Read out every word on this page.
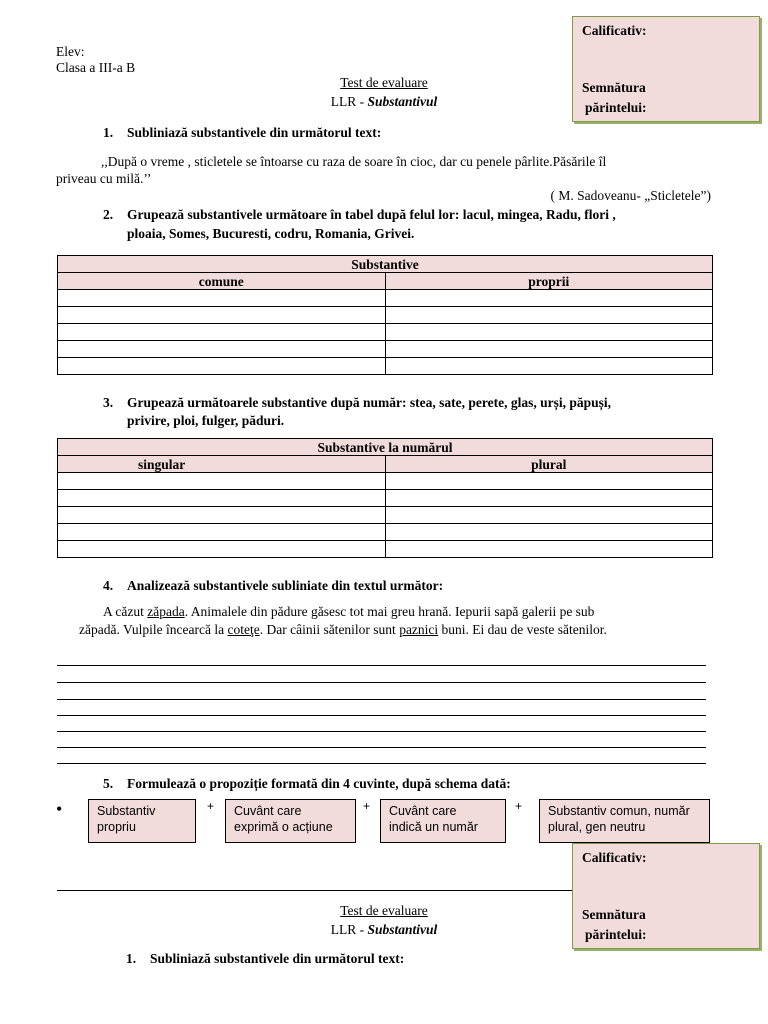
Calificativ:
Semnătura
părintelui:
Elev:
Clasa a III-a B
Test de evaluare
LLR - Substantivul
1. Subliniază substantivele din următorul text:
,,După o vreme , sticletele se întoarse cu raza de soare în cioc, dar cu penele pârlite.Păsările îl
priveau cu milă.’’
( M. Sadoveanu- „Sticletele”)
2. Grupează substantivele următoare în tabel după felul lor: lacul, mingea, Radu, flori ,
ploaia, Somes, Bucuresti, codru, Romania, Grivei.
Substantive	
comune	proprii

3. Grupează următoarele substantive după număr: stea, sate, perete, glas, urși, păpuși,
privire, ploi, fulger, păduri.
Substantive la numărul	
singular	plural

4. Analizează substantivele subliniate din textul următor:
A căzut zăpada. Animalele din pădure găsesc tot mai greu hrană. Iepurii sapă galerii pe sub
zăpadă. Vulpile încearcă la coteţe. Dar câinii sătenilor sunt paznici buni. Ei dau de veste sătenilor.
5. Formulează o propoziție formată din 4 cuvinte, după schema dată:
•	Substantiv
propriu
+ Cuvânt care
exprimă o acțiune
+ Cuvânt care
indică un număr
+ Substantiv comun, număr
plural, gen neutru
Calificativ:
Semnătura
părintelui:
Test de evaluare
LLR - Substantivul
1. Subliniază substantivele din următorul text:
